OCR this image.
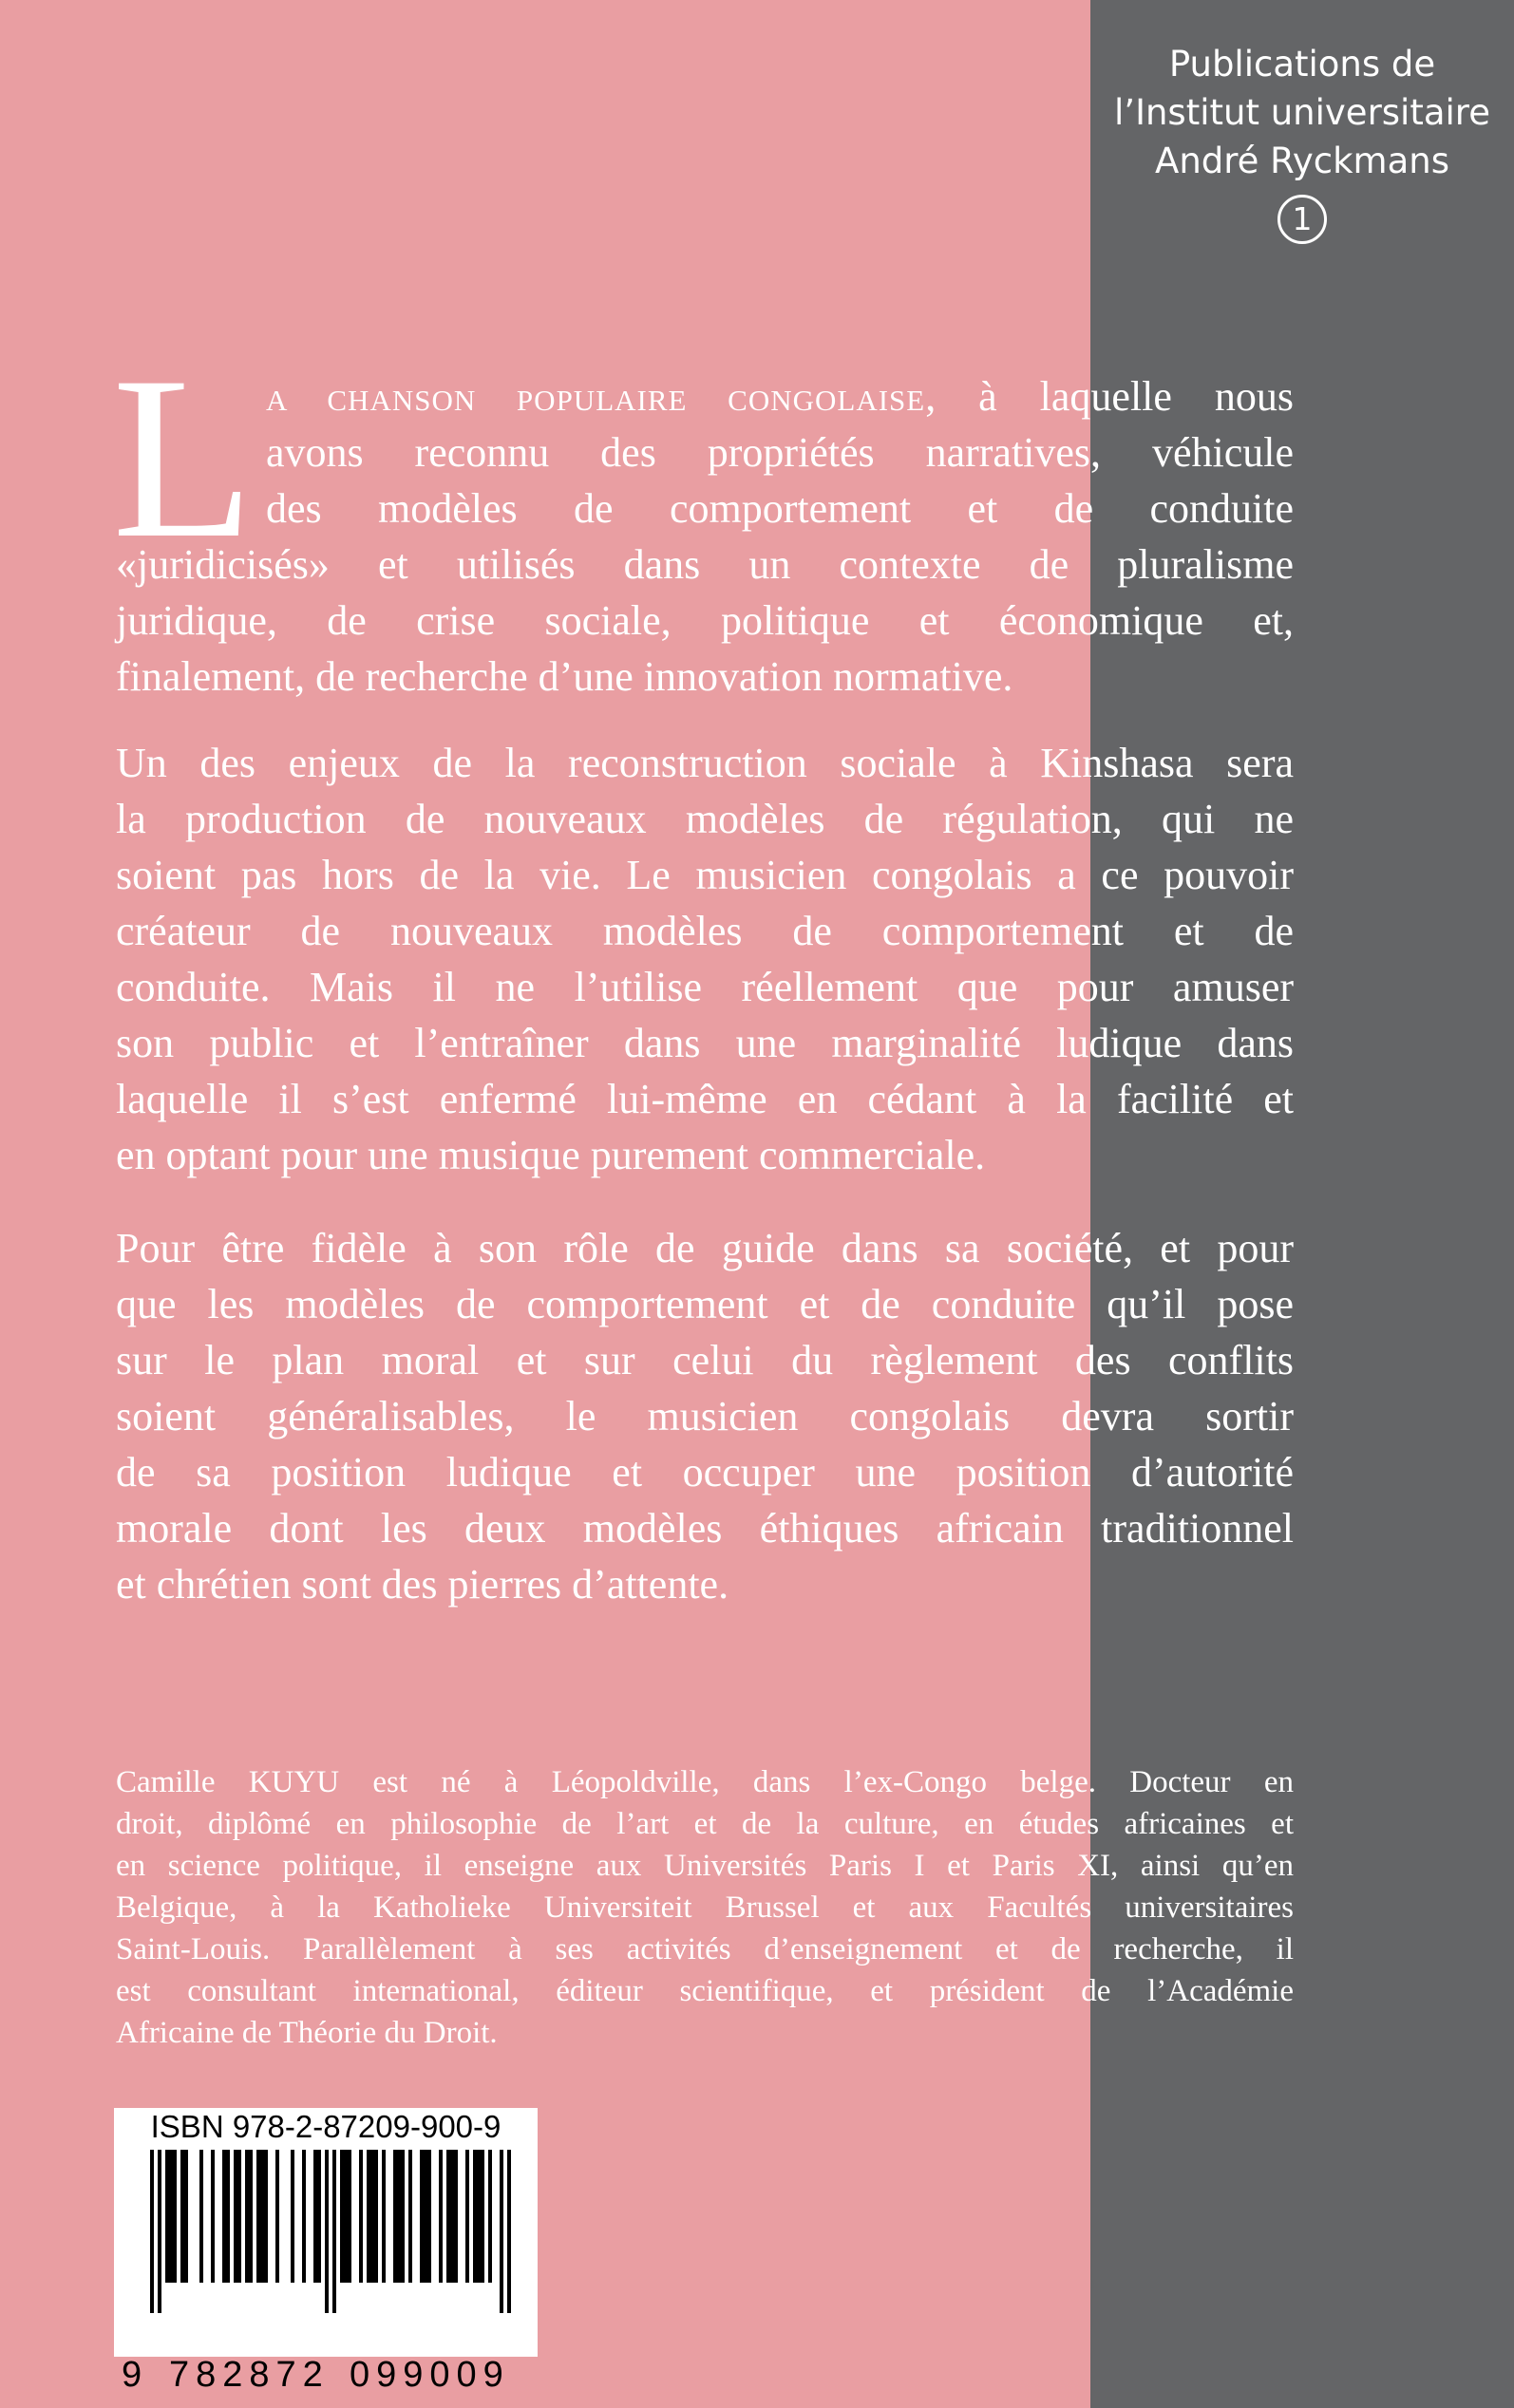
Publications de
l’Institut universitaire
André Ryckmans
1
L A CHANSON POPULAIRE CONGOLAISE, à laquelle nous
avons reconnu des propriétés narratives, véhicule
des modèles de comportement et de conduite
«juridicisés» et utilisés dans un contexte de pluralisme
juridique, de crise sociale, politique et économique et,
finalement, de recherche d’une innovation normative.
Un des enjeux de la reconstruction sociale à Kinshasa sera
la production de nouveaux modèles de régulation, qui ne
soient pas hors de la vie. Le musicien congolais a ce pouvoir
créateur de nouveaux modèles de comportement et de
conduite. Mais il ne l’utilise réellement que pour amuser
son public et l’entraîner dans une marginalité ludique dans
laquelle il s’est enfermé lui-même en cédant à la facilité et
en optant pour une musique purement commerciale.
Pour être fidèle à son rôle de guide dans sa société, et pour
que les modèles de comportement et de conduite qu’il pose
sur le plan moral et sur celui du règlement des conflits
soient généralisables, le musicien congolais devra sortir
de sa position ludique et occuper une position d’autorité
morale dont les deux modèles éthiques africain traditionnel
et chrétien sont des pierres d’attente.
Camille KUYU est né à Léopoldville, dans l’ex-Congo belge. Docteur en
droit, diplômé en philosophie de l’art et de la culture, en études africaines et
en science politique, il enseigne aux Universités Paris I et Paris XI, ainsi qu’en
Belgique, à la Katholieke Universiteit Brussel et aux Facultés universitaires
Saint-Louis. Parallèlement à ses activités d’enseignement et de recherche, il
est consultant international, éditeur scientifique, et président de l’Académie
Africaine de Théorie du Droit.
ISBN 978-2-87209-900-9
9 782872 099009
